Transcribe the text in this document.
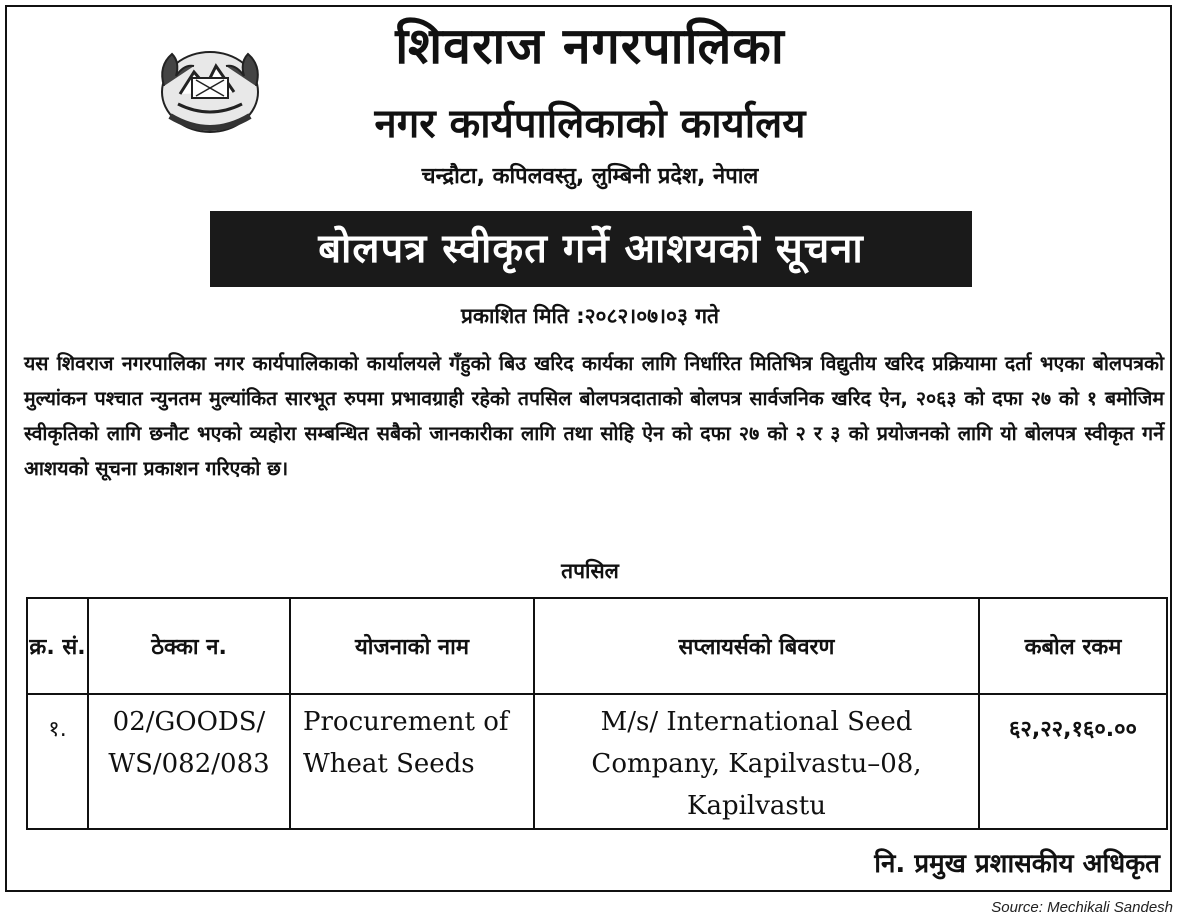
शिवराज नगरपालिका
नगर कार्यपालिकाको कार्यालय
चन्द्रौटा, कपिलवस्तु, लुम्बिनी प्रदेश, नेपाल
बोलपत्र स्वीकृत गर्ने आशयको सूचना
प्रकाशित मिति :२०८२।०७।०३ गते
यस शिवराज नगरपालिका नगर कार्यपालिकाको कार्यालयले गँहुको बिउ खरिद कार्यका लागि निर्धारित मितिभित्र विद्युतीय खरिद प्रक्रियामा दर्ता भएका बोलपत्रको मुल्यांकन पश्चात न्युनतम मुल्यांकित सारभूत रुपमा प्रभावग्राही रहेको तपसिल बोलपत्रदाताको बोलपत्र सार्वजनिक खरिद ऐन, २०६३ को दफा २७ को १ बमोजिम स्वीकृतिको लागि छनौट भएको व्यहोरा सम्बन्धित सबैको जानकारीका लागि तथा सोहि ऐन को दफा २७ को २ र ३ को प्रयोजनको लागि यो बोलपत्र स्वीकृत गर्ने आशयको सूचना प्रकाशन गरिएको छ।
तपसिल
क्र. सं.	ठेक्का न.	योजनाको नाम	सप्लायर्सको बिवरण	कबोल रकम
१.	02/GOODS/ WS/082/083	Procurement of Wheat Seeds	M/s/ International Seed Company, Kapilvastu–08, Kapilvastu	६२,२२,१६०.००
नि. प्रमुख प्रशासकीय अधिकृत
Source: Mechikali Sandesh
